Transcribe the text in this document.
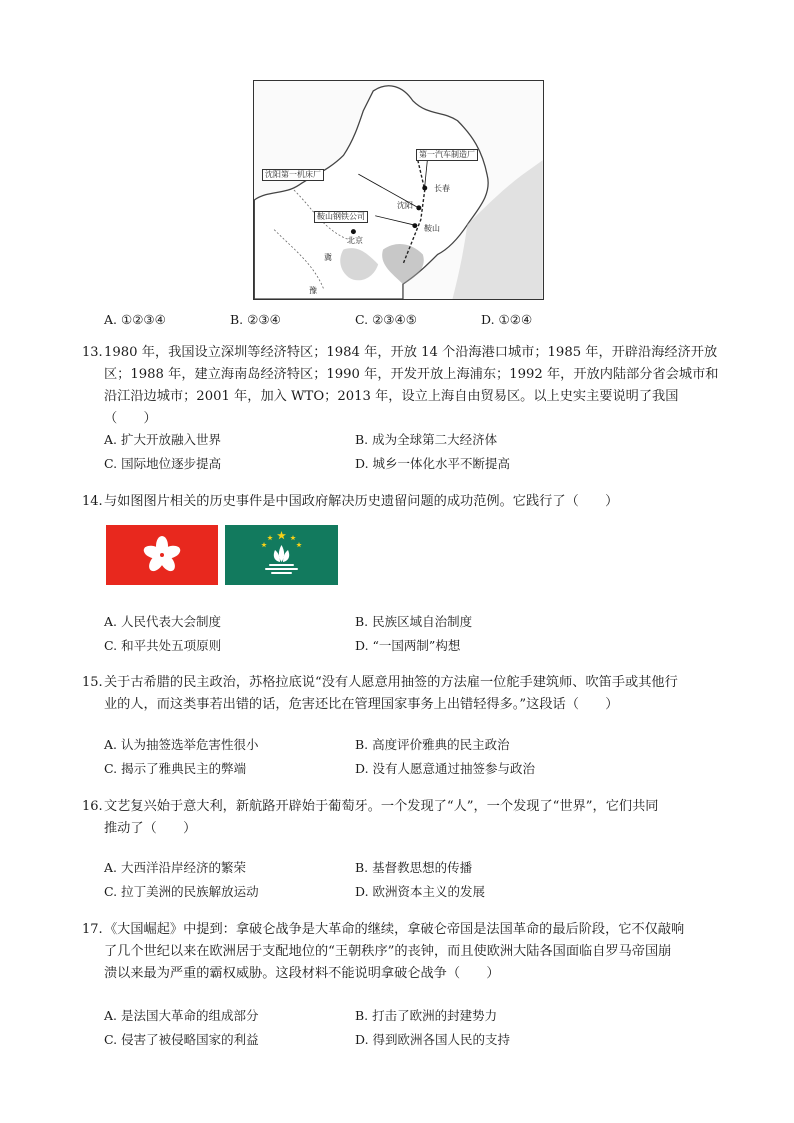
第一汽车制造厂
沈阳第一机床厂
鞍山钢铁公司
沈阳
长春
北京
鞍山
冀
豫
A. ①②③④	B. ②③④	C. ②③④⑤	D. ①②④
13. 1980 年，我国设立深圳等经济特区；1984 年，开放 14 个沿海港口城市；1985 年，开辟沿海经济开放
区；1988 年，建立海南岛经济特区；1990 年，开发开放上海浦东；1992 年，开放内陆部分省会城市和
沿江沿边城市；2001 年，加入 WTO；2013 年，设立上海自由贸易区。以上史实主要说明了我国（　　）
A. 扩大开放融入世界	B. 成为全球第二大经济体
C. 国际地位逐步提高	D. 城乡一体化水平不断提高
14. 与如图图片相关的历史事件是中国政府解决历史遗留问题的成功范例。它践行了（　　）
A. 人民代表大会制度	B. 民族区域自治制度
C. 和平共处五项原则	D. “一国两制”构想
15. 关于古希腊的民主政治，苏格拉底说“没有人愿意用抽签的方法雇一位舵手建筑师、吹笛手或其他行
业的人，而这类事若出错的话，危害还比在管理国家事务上出错轻得多。”这段话（　　）
A. 认为抽签选举危害性很小	B. 高度评价雅典的民主政治
C. 揭示了雅典民主的弊端	D. 没有人愿意通过抽签参与政治
16. 文艺复兴始于意大利，新航路开辟始于葡萄牙。一个发现了“人”，一个发现了“世界”，它们共同
推动了（　　）
A. 大西洋沿岸经济的繁荣	B. 基督教思想的传播
C. 拉丁美洲的民族解放运动	D. 欧洲资本主义的发展
17. 《大国崛起》中提到：拿破仑战争是大革命的继续，拿破仑帝国是法国革命的最后阶段，它不仅敲响
了几个世纪以来在欧洲居于支配地位的“王朝秩序”的丧钟，而且使欧洲大陆各国面临自罗马帝国崩
溃以来最为严重的霸权威胁。这段材料不能说明拿破仑战争（　　）
A. 是法国大革命的组成部分	B. 打击了欧洲的封建势力
C. 侵害了被侵略国家的利益	D. 得到欧洲各国人民的支持
